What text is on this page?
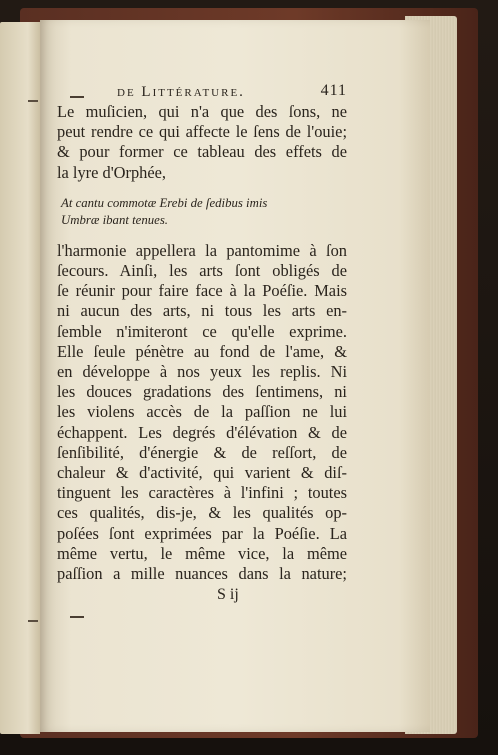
de Littérature.	411
Le muſicien, qui n'a que des ſons, ne
peut rendre ce qui affecte le ſens de l'ouie;
& pour former ce tableau des effets de
la lyre d'Orphée,
At cantu commotæ Erebi de ſedibus imis
Umbræ ibant tenues.
l'harmonie appellera la pantomime à ſon
ſecours. Ainſi, les arts ſont obligés de
ſe réunir pour faire face à la Poéſie. Mais
ni aucun des arts, ni tous les arts en-
ſemble n'imiteront ce qu'elle exprime.
Elle ſeule pénètre au fond de l'ame, &
en développe à nos yeux les replis. Ni
les douces gradations des ſentimens, ni
les violens accès de la paſſion ne lui
échappent. Les degrés d'élévation & de
ſenſibilité, d'énergie & de reſſort, de
chaleur & d'activité, qui varient & diſ-
tinguent les caractères à l'infini ; toutes
ces qualités, dis-je, & les qualités op-
poſées ſont exprimées par la Poéſie. La
même vertu, le même vice, la même
paſſion a mille nuances dans la nature;
S ij
